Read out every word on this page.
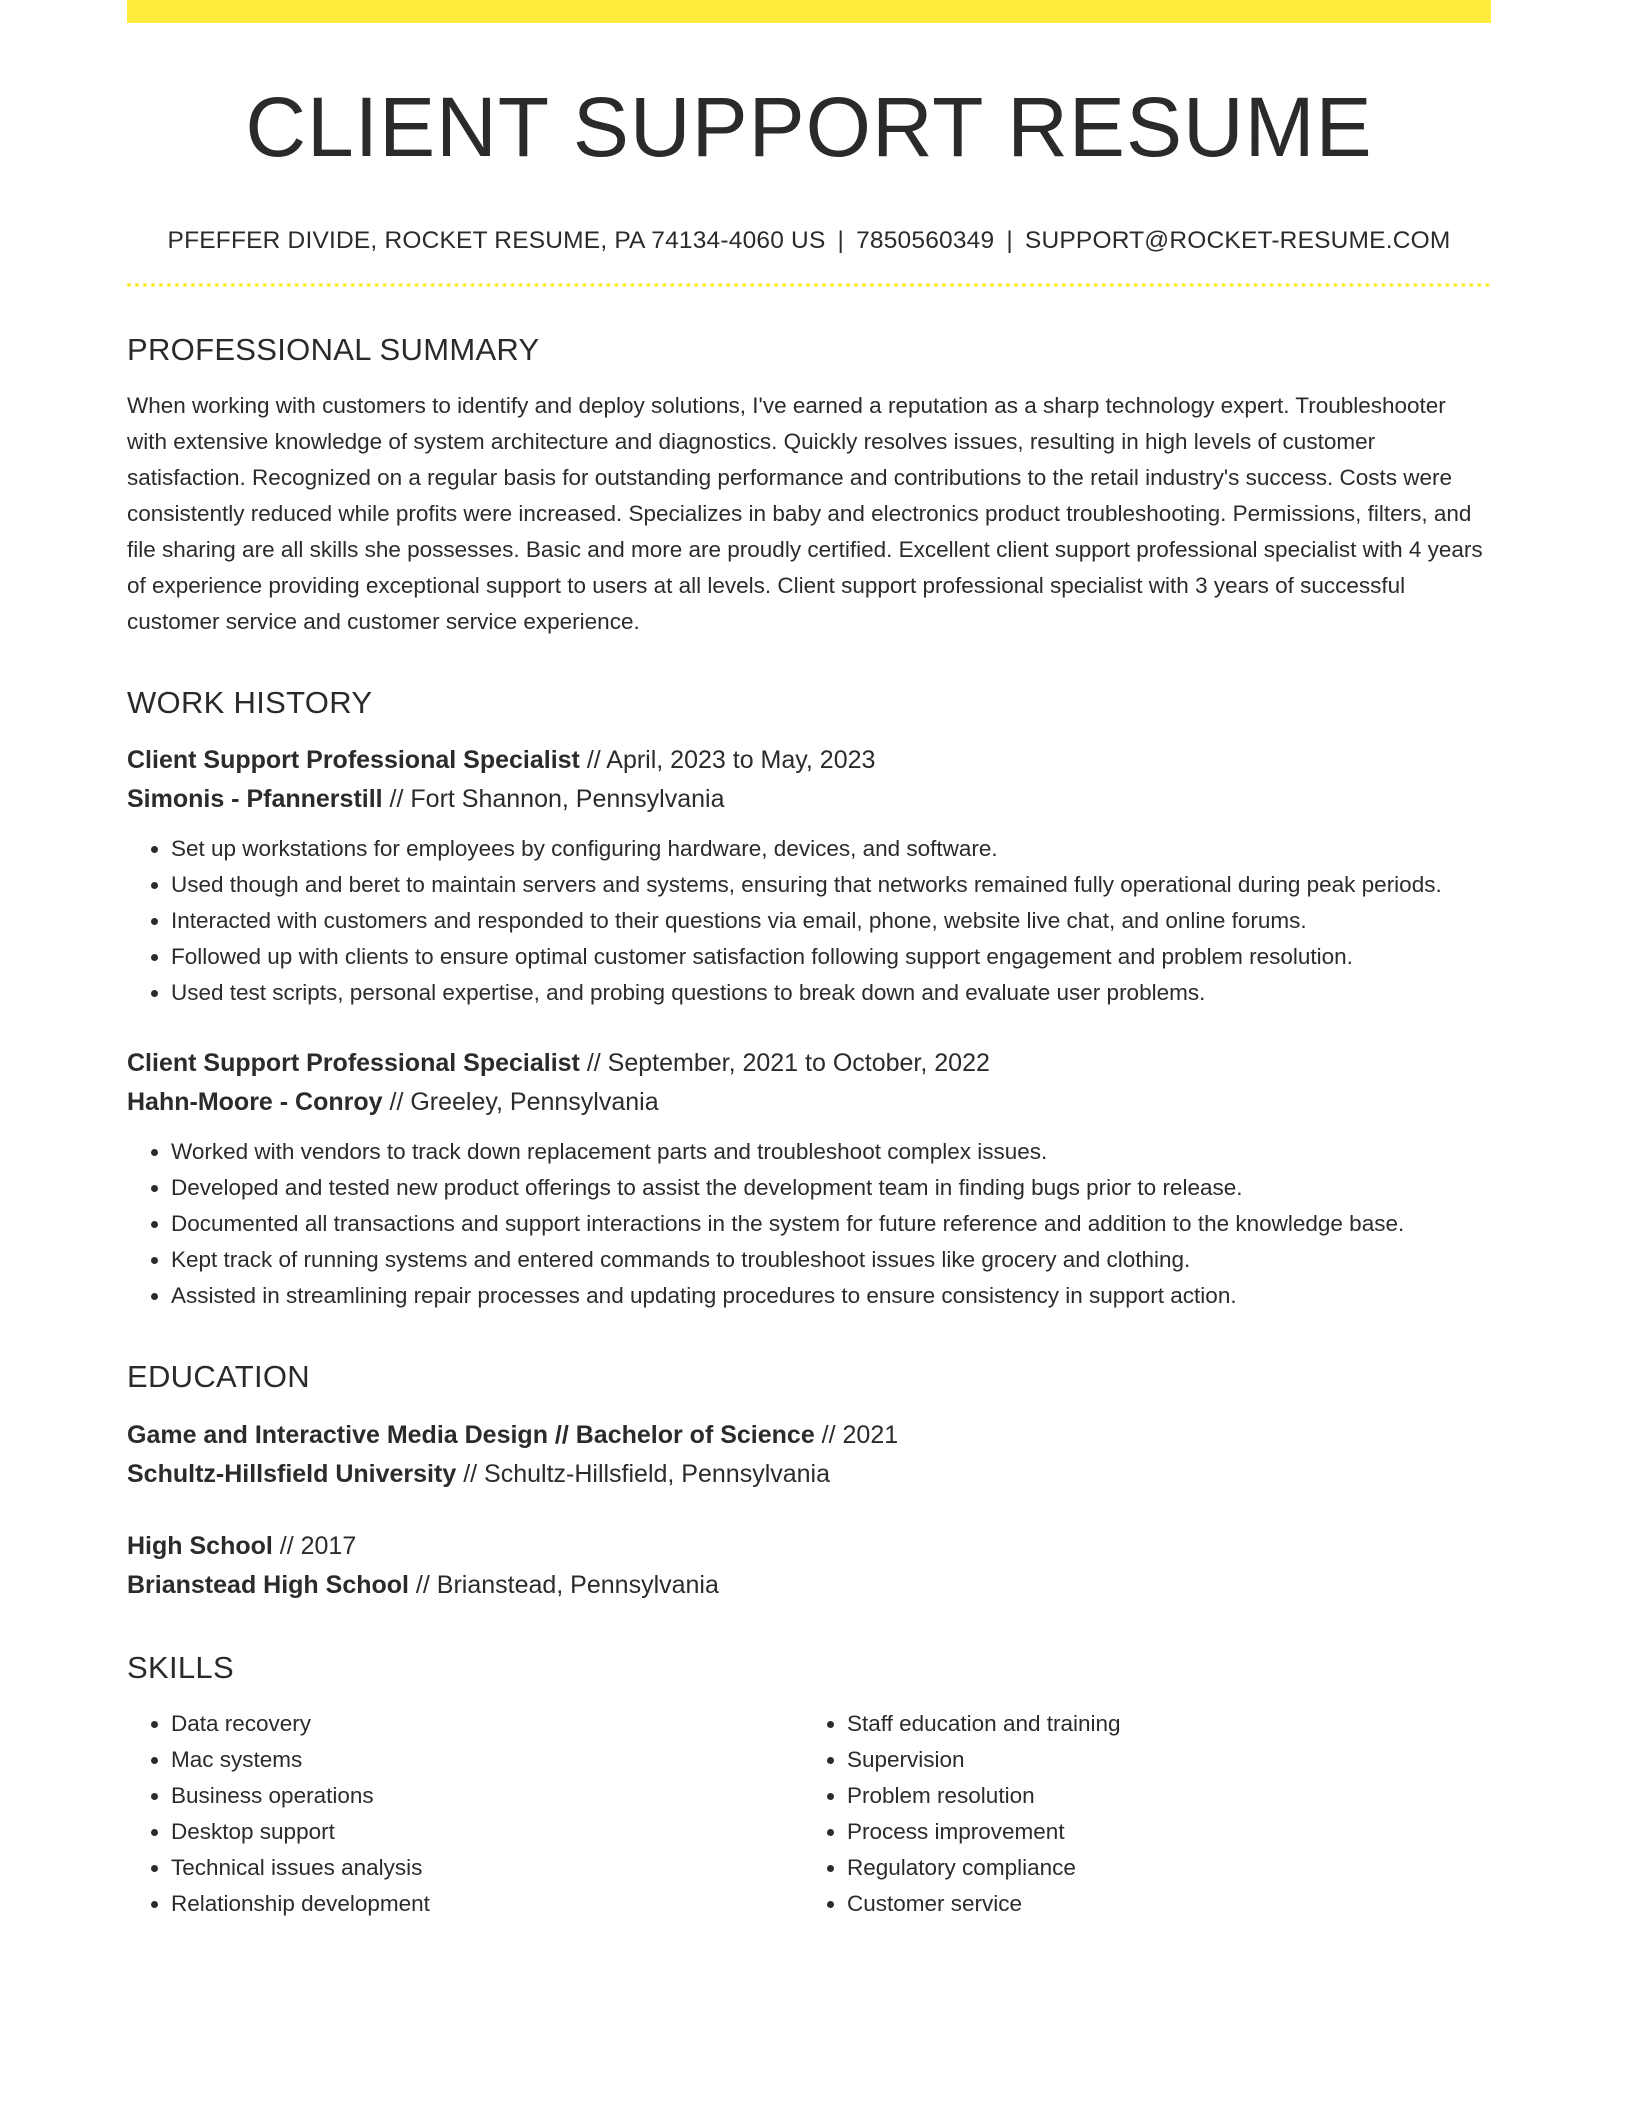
CLIENT SUPPORT RESUME
PFEFFER DIVIDE, ROCKET RESUME, PA 74134-4060 US | 7850560349 | SUPPORT@ROCKET-RESUME.COM
PROFESSIONAL SUMMARY

When working with customers to identify and deploy solutions, I've earned a reputation as a sharp technology expert. Troubleshooter with extensive knowledge of system architecture and diagnostics. Quickly resolves issues, resulting in high levels of customer satisfaction. Recognized on a regular basis for outstanding performance and contributions to the retail industry's success. Costs were consistently reduced while profits were increased. Specializes in baby and electronics product troubleshooting. Permissions, filters, and file sharing are all skills she possesses. Basic and more are proudly certified. Excellent client support professional specialist with 4 years of experience providing exceptional support to users at all levels. Client support professional specialist with 3 years of successful customer service and customer service experience.

WORK HISTORY
Client Support Professional Specialist // April, 2023 to May, 2023
Simonis - Pfannerstill // Fort Shannon, Pennsylvania
• Set up workstations for employees by configuring hardware, devices, and software.
• Used though and beret to maintain servers and systems, ensuring that networks remained fully operational during peak periods.
• Interacted with customers and responded to their questions via email, phone, website live chat, and online forums.
• Followed up with clients to ensure optimal customer satisfaction following support engagement and problem resolution.
• Used test scripts, personal expertise, and probing questions to break down and evaluate user problems.
Client Support Professional Specialist // September, 2021 to October, 2022
Hahn-Moore - Conroy // Greeley, Pennsylvania
• Worked with vendors to track down replacement parts and troubleshoot complex issues.
• Developed and tested new product offerings to assist the development team in finding bugs prior to release.
• Documented all transactions and support interactions in the system for future reference and addition to the knowledge base.
• Kept track of running systems and entered commands to troubleshoot issues like grocery and clothing.
• Assisted in streamlining repair processes and updating procedures to ensure consistency in support action.
EDUCATION
Game and Interactive Media Design // Bachelor of Science // 2021
Schultz-Hillsfield University // Schultz-Hillsfield, Pennsylvania
High School // 2017
Brianstead High School // Brianstead, Pennsylvania
SKILLS
• Data recovery
• Mac systems
• Business operations
• Desktop support
• Technical issues analysis
• Relationship development
• Staff education and training
• Supervision
• Problem resolution
• Process improvement
• Regulatory compliance
• Customer service
